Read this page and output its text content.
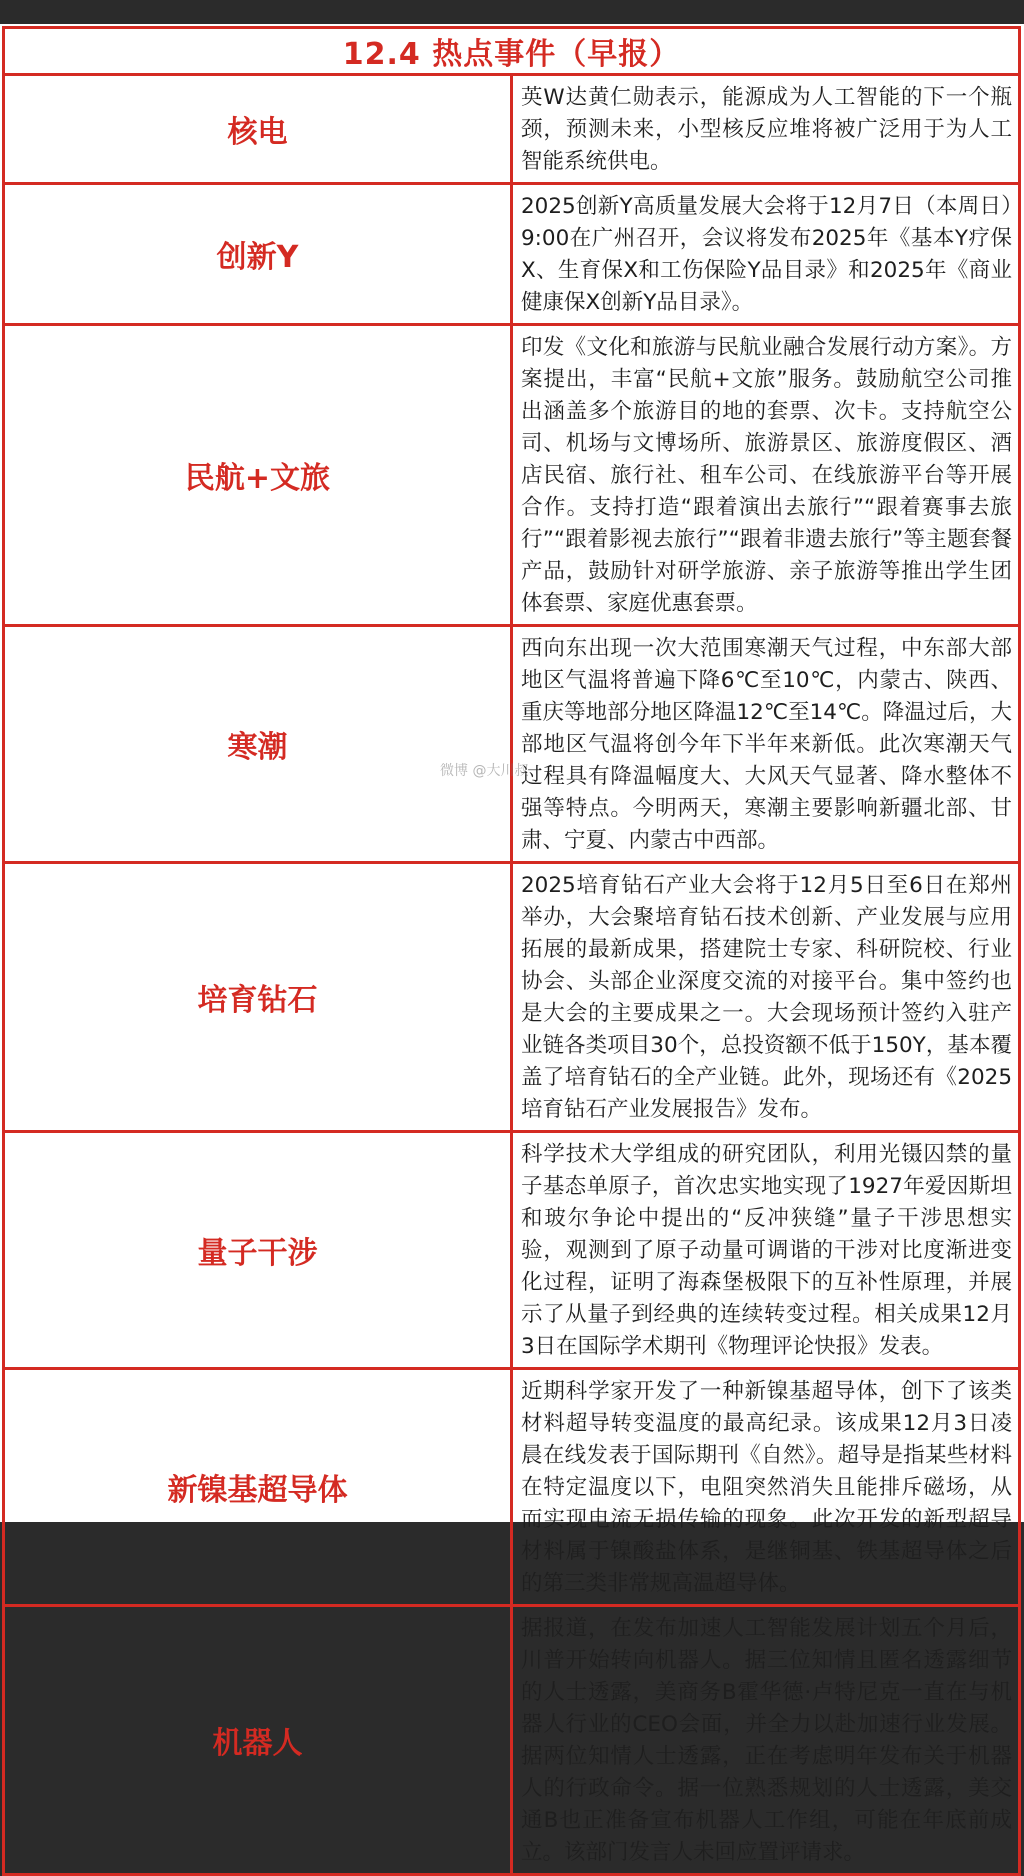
12.4 热点事件（早报）	
核电	英W达黄仁勋表示，能源成为人工智能的下一个瓶颈，预测未来，小型核反应堆将被广泛用于为人工智能系统供电。
创新Y	2025创新Y高质量发展大会将于12月7日（本周日）9:00在广州召开，会议将发布2025年《基本Y疗保X、生育保X和工伤保险Y品目录》和2025年《商业健康保X创新Y品目录》。
民航+文旅	印发《文化和旅游与民航业融合发展行动方案》。方案提出，丰富“民航+文旅”服务。鼓励航空公司推出涵盖多个旅游目的地的套票、次卡。支持航空公司、机场与文博场所、旅游景区、旅游度假区、酒店民宿、旅行社、租车公司、在线旅游平台等开展合作。支持打造“跟着演出去旅行”“跟着赛事去旅行”“跟着影视去旅行”“跟着非遗去旅行”等主题套餐产品，鼓励针对研学旅游、亲子旅游等推出学生团体套票、家庭优惠套票。
寒潮	西向东出现一次大范围寒潮天气过程，中东部大部地区气温将普遍下降6℃至10℃，内蒙古、陕西、重庆等地部分地区降温12℃至14℃。降温过后，大部地区气温将创今年下半年来新低。此次寒潮天气过程具有降温幅度大、大风天气显著、降水整体不强等特点。今明两天，寒潮主要影响新疆北部、甘肃、宁夏、内蒙古中西部。
培育钻石	2025培育钻石产业大会将于12月5日至6日在郑州举办，大会聚培育钻石技术创新、产业发展与应用拓展的最新成果，搭建院士专家、科研院校、行业协会、头部企业深度交流的对接平台。集中签约也是大会的主要成果之一。大会现场预计签约入驻产业链各类项目30个，总投资额不低于150Y，基本覆盖了培育钻石的全产业链。此外，现场还有《2025培育钻石产业发展报告》发布。
量子干涉	科学技术大学组成的研究团队，利用光镊囚禁的量子基态单原子，首次忠实地实现了1927年爱因斯坦和玻尔争论中提出的“反冲狭缝”量子干涉思想实验，观测到了原子动量可调谐的干涉对比度渐进变化过程，证明了海森堡极限下的互补性原理，并展示了从量子到经典的连续转变过程。相关成果12月3日在国际学术期刊《物理评论快报》发表。
新镍基超导体	近期科学家开发了一种新镍基超导体，创下了该类材料超导转变温度的最高纪录。该成果12月3日凌晨在线发表于国际期刊《自然》。超导是指某些材料在特定温度以下，电阻突然消失且能排斥磁场，从而实现电流无损传输的现象。此次开发的新型超导材料属于镍酸盐体系，是继铜基、铁基超导体之后的第三类非常规高温超导体。
机器人	据报道，在发布加速人工智能发展计划五个月后，川普开始转向机器人。据三位知情且匿名透露细节的人士透露，美商务B霍华德·卢特尼克一直在与机器人行业的CEO会面，并全力以赴加速行业发展。据两位知情人士透露，正在考虑明年发布关于机器人的行政命令。据一位熟悉规划的人士透露，美交通B也正准备宣布机器人工作组，可能在年底前成立。该部门发言人未回应置评请求。
微博 @大川叔
